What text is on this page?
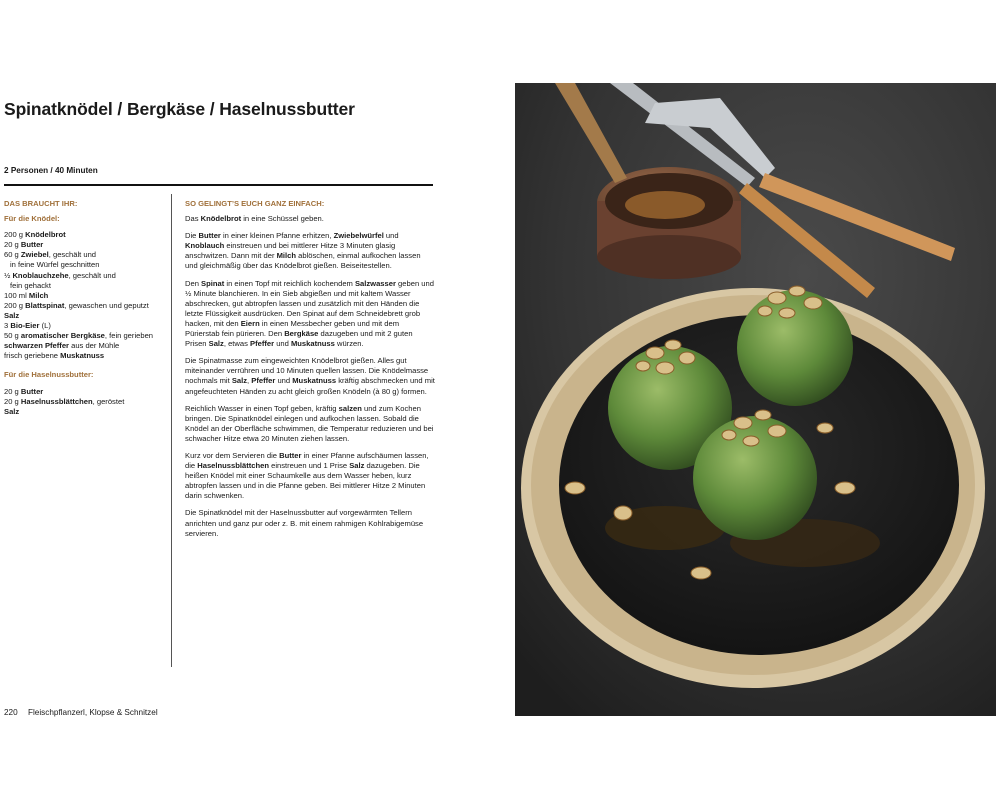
Spinatknödel / Bergkäse / Haselnussbutter
2 Personen / 40 Minuten
DAS BRAUCHT IHR:
Für die Knödel:
200 g Knödelbrot
20 g Butter
60 g Zwiebel, geschält und
in feine Würfel geschnitten
½ Knoblauchzehe, geschält und
fein gehackt
100 ml Milch
200 g Blattspinat, gewaschen und geputzt
Salz
3 Bio-Eier (L)
50 g aromatischer Bergkäse, fein gerieben
schwarzen Pfeffer aus der Mühle
frisch geriebene Muskatnuss
Für die Haselnussbutter:
20 g Butter
20 g Haselnussblättchen, geröstet
Salz
SO GELINGT’S EUCH GANZ EINFACH:

Das Knödelbrot in eine Schüssel geben.

Die Butter in einer kleinen Pfanne erhitzen, Zwiebelwürfel und Knoblauch einstreuen und bei mittlerer Hitze 3 Minuten glasig anschwitzen. Dann mit der Milch ablöschen, einmal aufkochen lassen und gleichmäßig über das Knödelbrot gießen. Beiseitestellen.

Den Spinat in einen Topf mit reichlich kochendem Salzwasser geben und ½ Minute blanchieren. In ein Sieb abgießen und mit kaltem Wasser abschrecken, gut abtropfen lassen und zusätzlich mit den Händen die letzte Flüssigkeit ausdrücken. Den Spinat auf dem Schneidebrett grob hacken, mit den Eiern in einen Messbecher geben und mit dem Pürierstab fein pürieren. Den Bergkäse dazugeben und mit 2 guten Prisen Salz, etwas Pfeffer und Muskatnuss würzen.

Die Spinatmasse zum eingeweichten Knödelbrot gießen. Alles gut miteinander verrühren und 10 Minuten quellen lassen. Die Knödelmasse nochmals mit Salz, Pfeffer und Muskatnuss kräftig abschmecken und mit angefeuchteten Händen zu acht gleich großen Knödeln (à 80 g) formen.

Reichlich Wasser in einen Topf geben, kräftig salzen und zum Kochen bringen. Die Spinatknödel einlegen und aufkochen lassen. Sobald die Knödel an der Oberfläche schwimmen, die Temperatur reduzieren und bei schwacher Hitze etwa 20 Minuten ziehen lassen.

Kurz vor dem Servieren die Butter in einer Pfanne aufschäumen lassen, die Haselnussblättchen einstreuen und 1 Prise Salz dazugeben. Die heißen Knödel mit einer Schaumkelle aus dem Wasser heben, kurz abtropfen lassen und in die Pfanne geben. Bei mittlerer Hitze 2 Minuten darin schwenken.

Die Spinatknödel mit der Haselnussbutter auf vorgewärmten Tellern anrichten und ganz pur oder z. B. mit einem rahmigen Kohlrabigemüse servieren.

220 Fleischpflanzerl, Klopse & Schnitzel
